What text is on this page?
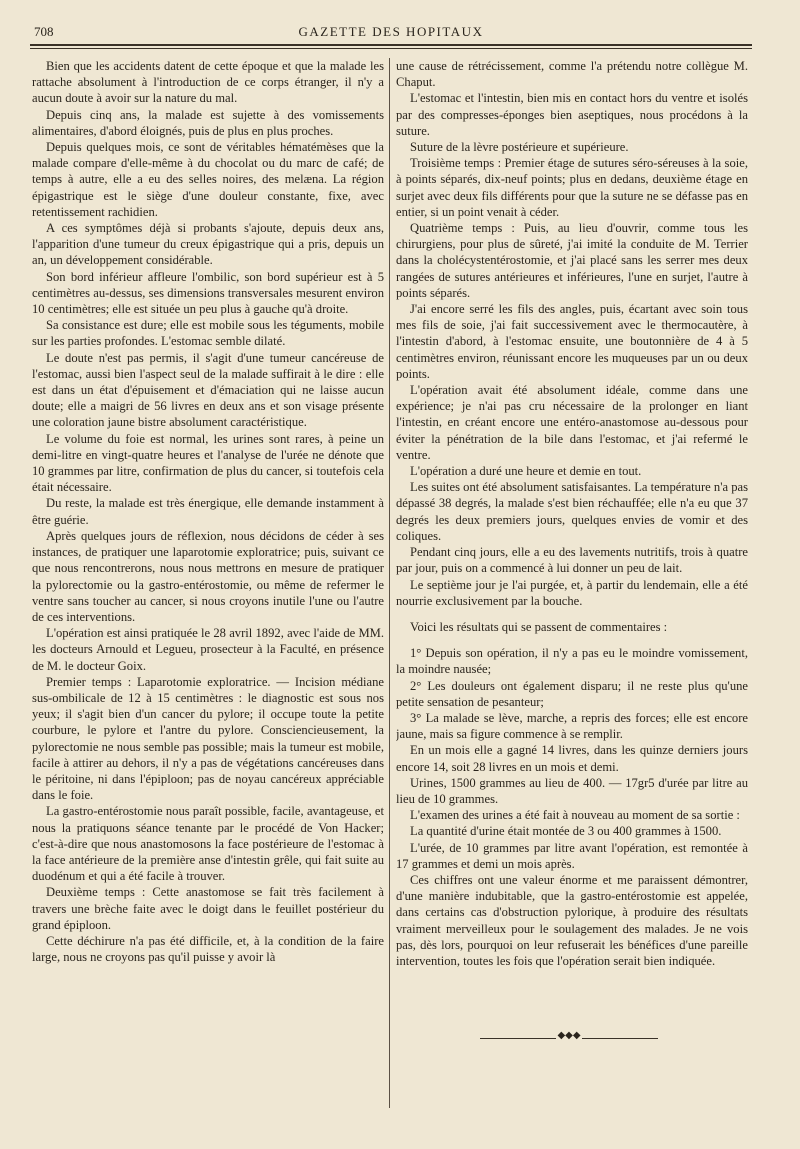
708	GAZETTE DES HOPITAUX

Bien que les accidents datent de cette époque et que la malade les rattache absolument à l'introduction de ce corps étranger, il n'y a aucun doute à avoir sur la nature du mal.

Depuis cinq ans, la malade est sujette à des vomissements alimentaires, d'abord éloignés, puis de plus en plus proches.

Depuis quelques mois, ce sont de véritables hématémèses que la malade compare d'elle-même à du chocolat ou du marc de café; de temps à autre, elle a eu des selles noires, des melæna. La région épigastrique est le siège d'une douleur constante, fixe, avec retentissement rachidien.

A ces symptômes déjà si probants s'ajoute, depuis deux ans, l'apparition d'une tumeur du creux épigastrique qui a pris, depuis un an, un développement considérable.

Son bord inférieur affleure l'ombilic, son bord supérieur est à 5 centimètres au-dessus, ses dimensions transversales mesurent environ 10 centimètres; elle est située un peu plus à gauche qu'à droite.

Sa consistance est dure; elle est mobile sous les téguments, mobile sur les parties profondes. L'estomac semble dilaté.

Le doute n'est pas permis, il s'agit d'une tumeur cancéreuse de l'estomac, aussi bien l'aspect seul de la malade suffirait à le dire : elle est dans un état d'épuisement et d'émaciation qui ne laisse aucun doute; elle a maigri de 56 livres en deux ans et son visage présente une coloration jaune bistre absolument caractéristique.

Le volume du foie est normal, les urines sont rares, à peine un demi-litre en vingt-quatre heures et l'analyse de l'urée ne dénote que 10 grammes par litre, confirmation de plus du cancer, si toutefois cela était nécessaire.

Du reste, la malade est très énergique, elle demande instamment à être guérie.

Après quelques jours de réflexion, nous décidons de céder à ses instances, de pratiquer une laparotomie exploratrice; puis, suivant ce que nous rencontrerons, nous nous mettrons en mesure de pratiquer la pylorectomie ou la gastro-entérostomie, ou même de refermer le ventre sans toucher au cancer, si nous croyons inutile l'une ou l'autre de ces interventions.

L'opération est ainsi pratiquée le 28 avril 1892, avec l'aide de MM. les docteurs Arnould et Legueu, prosecteur à la Faculté, en présence de M. le docteur Goix.

Premier temps : Laparotomie exploratrice. — Incision médiane sus-ombilicale de 12 à 15 centimètres : le diagnostic est sous nos yeux; il s'agit bien d'un cancer du pylore; il occupe toute la petite courbure, le pylore et l'antre du pylore. Consciencieusement, la pylorectomie ne nous semble pas possible; mais la tumeur est mobile, facile à attirer au dehors, il n'y a pas de végétations cancéreuses dans le péritoine, ni dans l'épiploon; pas de noyau cancéreux appréciable dans le foie.

La gastro-entérostomie nous paraît possible, facile, avantageuse, et nous la pratiquons séance tenante par le procédé de Von Hacker; c'est-à-dire que nous anastomosons la face postérieure de l'estomac à la face antérieure de la première anse d'intestin grêle, qui fait suite au duodénum et qui a été facile à trouver.

Deuxième temps : Cette anastomose se fait très facilement à travers une brèche faite avec le doigt dans le feuillet postérieur du grand épiploon.

Cette déchirure n'a pas été difficile, et, à la condition de la faire large, nous ne croyons pas qu'il puisse y avoir là

une cause de rétrécissement, comme l'a prétendu notre collègue M. Chaput.

L'estomac et l'intestin, bien mis en contact hors du ventre et isolés par des compresses-éponges bien aseptiques, nous procédons à la suture.

Suture de la lèvre postérieure et supérieure.

Troisième temps : Premier étage de sutures séro-séreuses à la soie, à points séparés, dix-neuf points; plus en dedans, deuxième étage en surjet avec deux fils différents pour que la suture ne se défasse pas en entier, si un point venait à céder.

Quatrième temps : Puis, au lieu d'ouvrir, comme tous les chirurgiens, pour plus de sûreté, j'ai imité la conduite de M. Terrier dans la cholécystentérostomie, et j'ai placé sans les serrer mes deux rangées de sutures antérieures et inférieures, l'une en surjet, l'autre à points séparés.

J'ai encore serré les fils des angles, puis, écartant avec soin tous mes fils de soie, j'ai fait successivement avec le thermocautère, à l'intestin d'abord, à l'estomac ensuite, une boutonnière de 4 à 5 centimètres environ, réunissant encore les muqueuses par un ou deux points.

L'opération avait été absolument idéale, comme dans une expérience; je n'ai pas cru nécessaire de la prolonger en liant l'intestin, en créant encore une entéro-anastomose au-dessous pour éviter la pénétration de la bile dans l'estomac, et j'ai refermé le ventre.

L'opération a duré une heure et demie en tout.

Les suites ont été absolument satisfaisantes. La température n'a pas dépassé 38 degrés, la malade s'est bien réchauffée; elle n'a eu que 37 degrés les deux premiers jours, quelques envies de vomir et des coliques.

Pendant cinq jours, elle a eu des lavements nutritifs, trois à quatre par jour, puis on a commencé à lui donner un peu de lait.

Le septième jour je l'ai purgée, et, à partir du lendemain, elle a été nourrie exclusivement par la bouche.

Voici les résultats qui se passent de commentaires :

1° Depuis son opération, il n'y a pas eu le moindre vomissement, la moindre nausée;

2° Les douleurs ont également disparu; il ne reste plus qu'une petite sensation de pesanteur;

3° La malade se lève, marche, a repris des forces; elle est encore jaune, mais sa figure commence à se remplir.

En un mois elle a gagné 14 livres, dans les quinze derniers jours encore 14, soit 28 livres en un mois et demi.

Urines, 1500 grammes au lieu de 400. — 17gr5 d'urée par litre au lieu de 10 grammes.

L'examen des urines a été fait à nouveau au moment de sa sortie :

La quantité d'urine était montée de 3 ou 400 grammes à 1500.

L'urée, de 10 grammes par litre avant l'opération, est remontée à 17 grammes et demi un mois après.

Ces chiffres ont une valeur énorme et me paraissent démontrer, d'une manière indubitable, que la gastro-entérostomie est appelée, dans certains cas d'obstruction pylorique, à produire des résultats vraiment merveilleux pour le soulagement des malades. Je ne vois pas, dès lors, pourquoi on leur refuserait les bénéfices d'une pareille intervention, toutes les fois que l'opération serait bien indiquée.

◆◆◆
